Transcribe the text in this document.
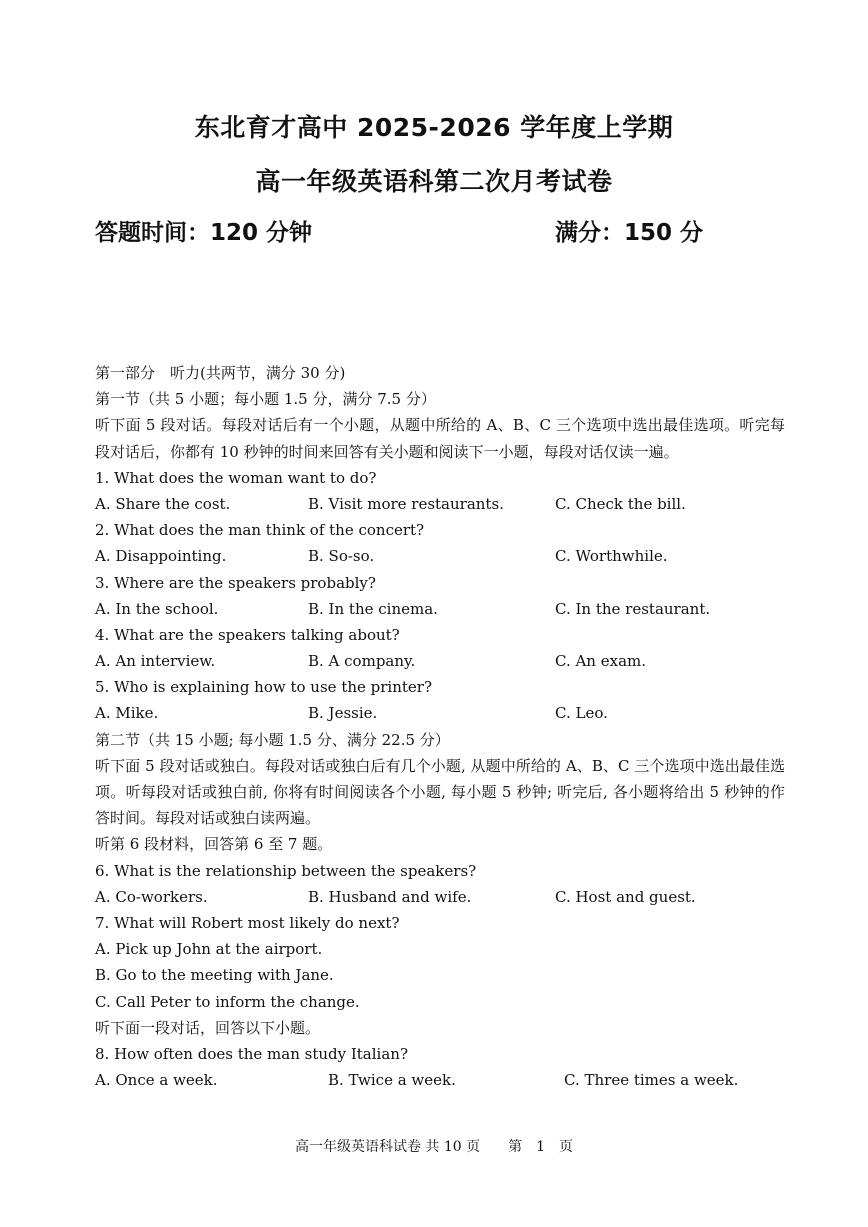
东北育才高中 2025-2026 学年度上学期
高一年级英语科第二次月考试卷
答题时间：120 分钟	满分：150 分
第一部分　听力(共两节，满分 30 分)
第一节（共 5 小题；每小题 1.5 分，满分 7.5 分）
听下面 5 段对话。每段对话后有一个小题，从题中所给的 A、B、C 三个选项中选出最佳选项。听完每段对话后，你都有 10 秒钟的时间来回答有关小题和阅读下一小题，每段对话仅读一遍。
1. What does the woman want to do?
A. Share the cost.	B. Visit more restaurants.	C. Check the bill.
2. What does the man think of the concert?
A. Disappointing.	B. So-so.	C. Worthwhile.
3. Where are the speakers probably?
A. In the school.	B. In the cinema.	C. In the restaurant.
4. What are the speakers talking about?
A. An interview.	B. A company.	C. An exam.
5. Who is explaining how to use the printer?
A. Mike.	B. Jessie.	C. Leo.
第二节（共 15 小题; 每小题 1.5 分、满分 22.5 分）
听下面 5 段对话或独白。每段对话或独白后有几个小题, 从题中所给的 A、B、C 三个选项中选出最佳选项。听每段对话或独白前, 你将有时间阅读各个小题, 每小题 5 秒钟; 听完后, 各小题将给出 5 秒钟的作答时间。每段对话或独白读两遍。
听第 6 段材料，回答第 6 至 7 题。
6. What is the relationship between the speakers?
A. Co-workers.	B. Husband and wife.	C. Host and guest.
7. What will Robert most likely do next?
A. Pick up John at the airport.
B. Go to the meeting with Jane.
C. Call Peter to inform the change.
听下面一段对话，回答以下小题。
8. How often does the man study Italian?
A. Once a week.	B. Twice a week.	C. Three times a week.
高一年级英语科试卷 共 10 页　　第　1　页
